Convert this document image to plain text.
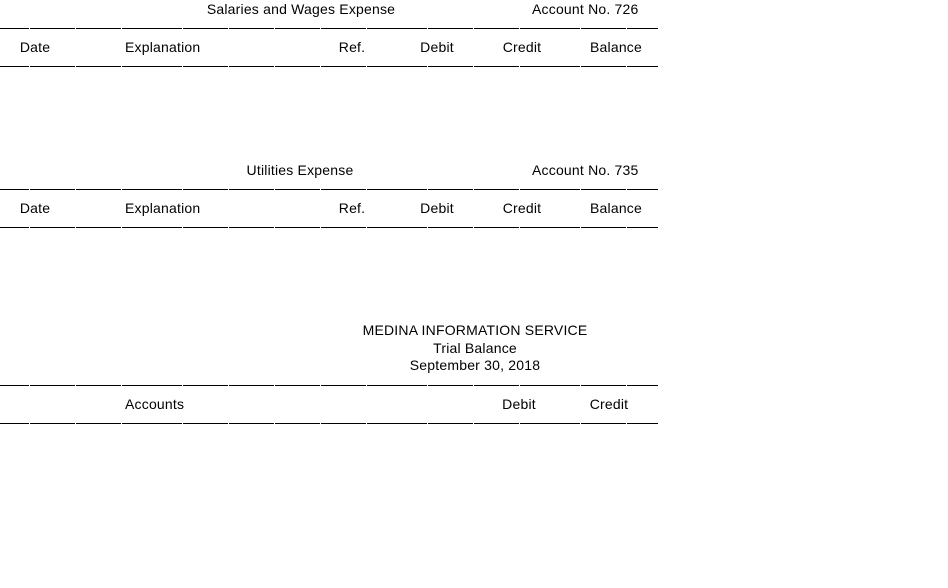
Salaries and Wages Expense	Account No. 726
Date	Explanation	Ref.	Debit	Credit	Balance
Utilities Expense	Account No. 735
Date	Explanation	Ref.	Debit	Credit	Balance
MEDINA INFORMATION SERVICE
Trial Balance
September 30, 2018
Accounts	Debit	Credit
